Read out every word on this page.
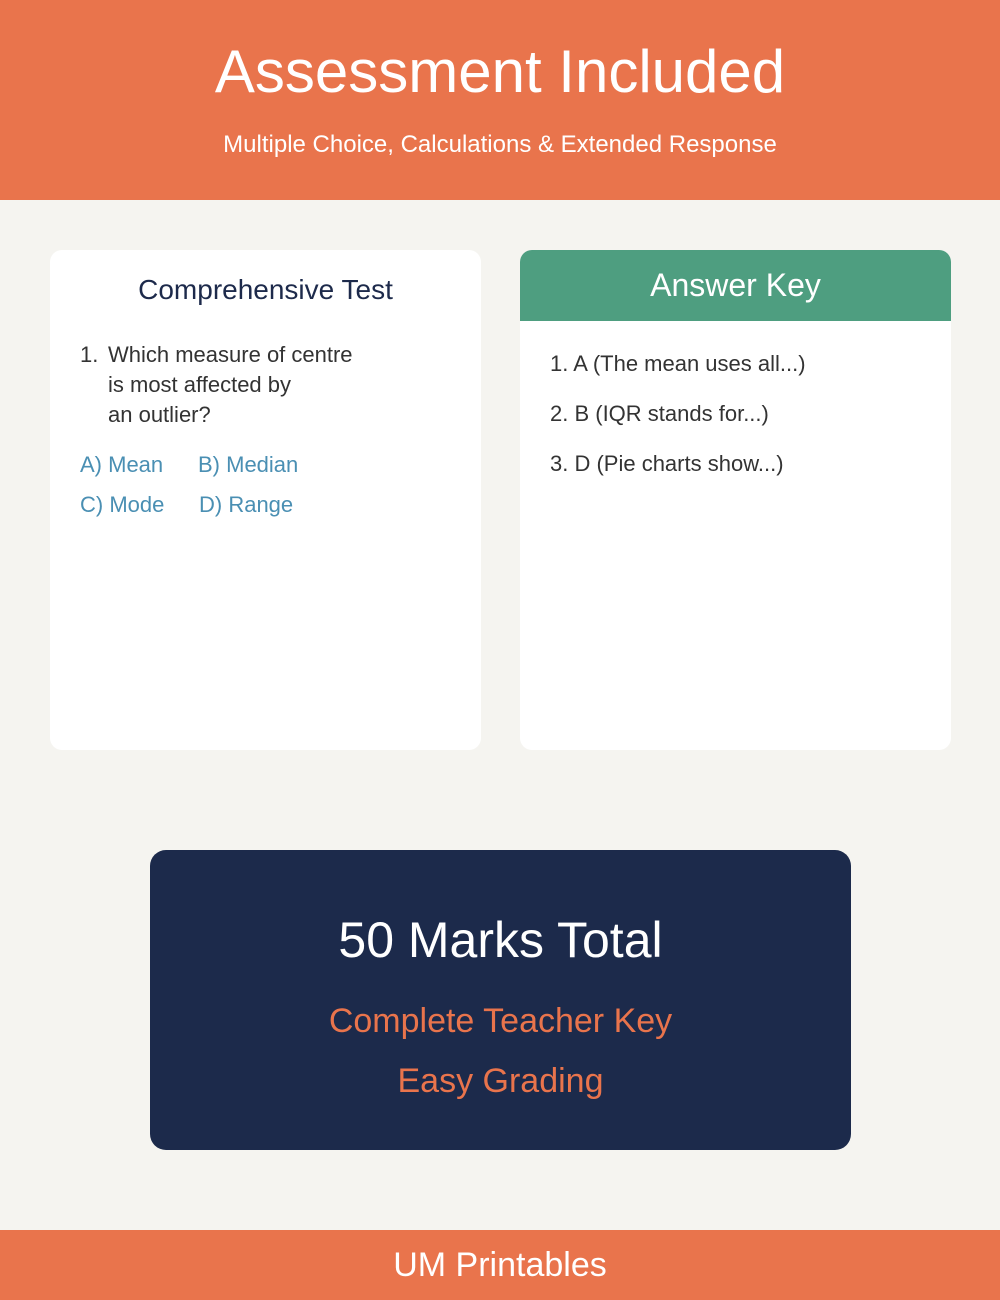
Assessment Included
Multiple Choice, Calculations & Extended Response
Comprehensive Test
1. Which measure of centre
is most affected by
an outlier?
A) Mean B) Median
C) Mode D) Range
Answer Key
1. A (The mean uses all...)
2. B (IQR stands for...)
3. D (Pie charts show...)
50 Marks Total
Complete Teacher Key
Easy Grading
UM Printables
